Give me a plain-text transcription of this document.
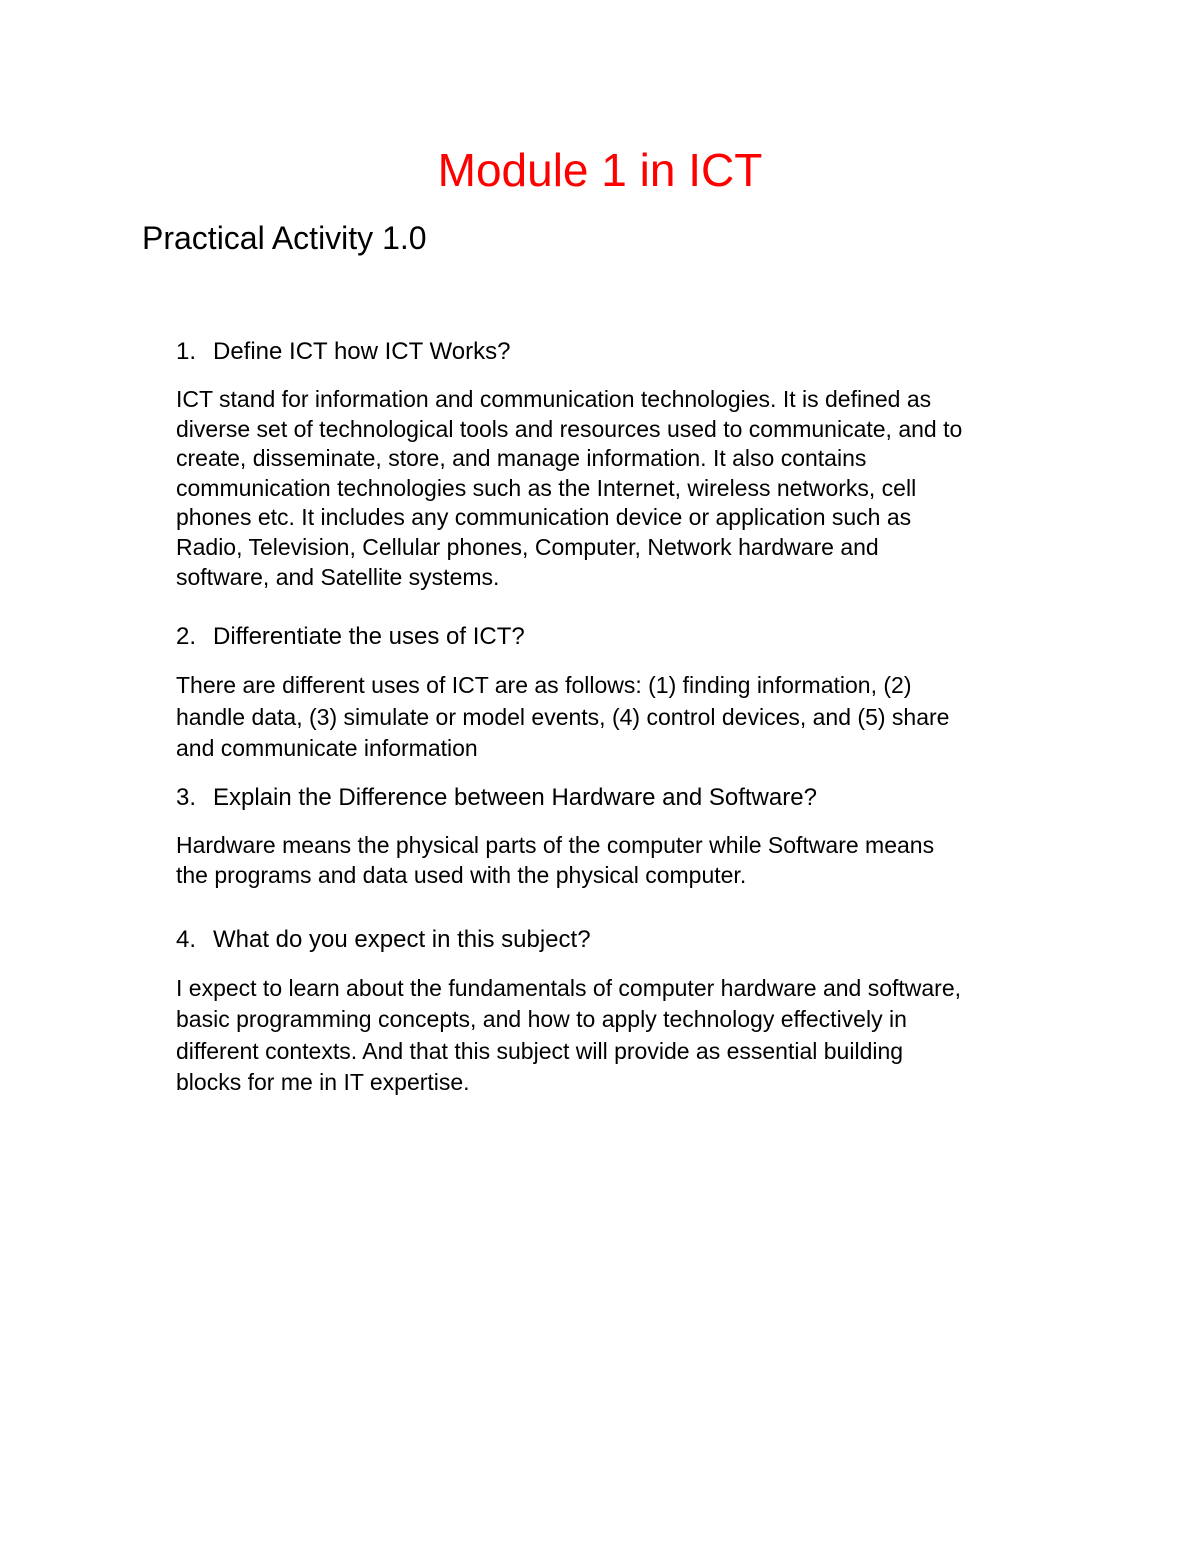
Module 1 in ICT
Practical Activity 1.0
1. Define ICT how ICT Works?
ICT stand for information and communication technologies. It is defined as
diverse set of technological tools and resources used to communicate, and to
create, disseminate, store, and manage information. It also contains
communication technologies such as the Internet, wireless networks, cell
phones etc. It includes any communication device or application such as
Radio, Television, Cellular phones, Computer, Network hardware and
software, and Satellite systems.
2. Differentiate the uses of ICT?
There are different uses of ICT are as follows: (1) finding information, (2)
handle data, (3) simulate or model events, (4) control devices, and (5) share
and communicate information
3. Explain the Difference between Hardware and Software?
Hardware means the physical parts of the computer while Software means
the programs and data used with the physical computer.
4. What do you expect in this subject?
I expect to learn about the fundamentals of computer hardware and software,
basic programming concepts, and how to apply technology effectively in
different contexts. And that this subject will provide as essential building
blocks for me in IT expertise.
